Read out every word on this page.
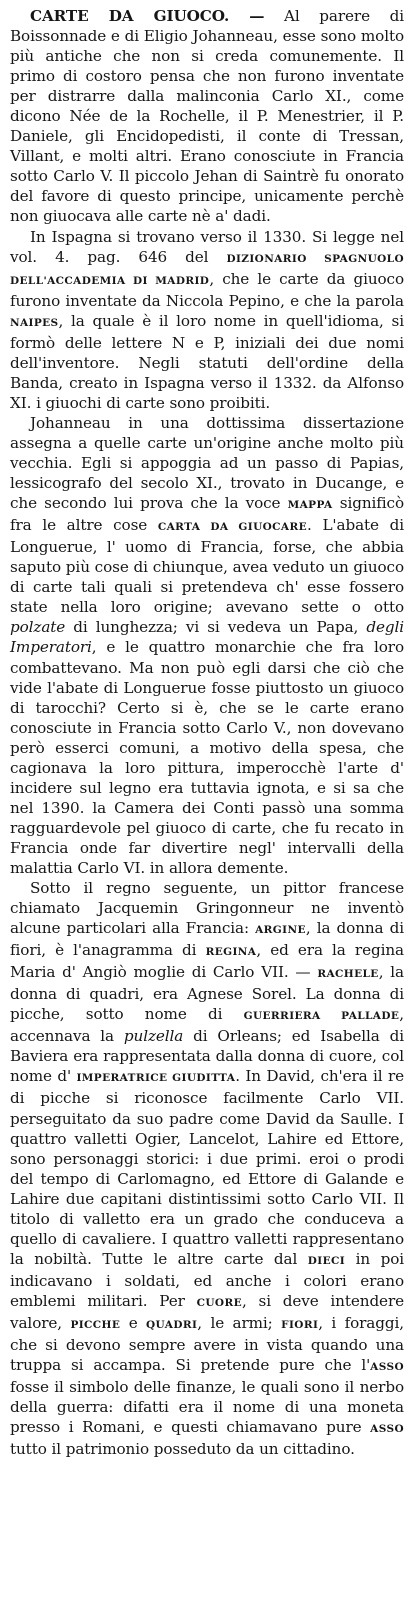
CARTE DA GIUOCO. — Al parere di Boissonnade e di Eligio Johanneau, esse sono molto più antiche che non si creda comunemente. Il primo di costoro pensa che non furono inventate per distrarre dalla malinconia Carlo XI., come dicono Née de la Rochelle, il P. Menestrier, il P. Daniele, gli Encidopedisti, il conte di Tressan, Villant, e molti altri. Erano conosciute in Francia sotto Carlo V. Il piccolo Jehan di Saintrè fu onorato del favore di questo principe, unicamente perchè non giuocava alle carte nè a' dadi.

In Ispagna si trovano verso il 1330. Si legge nel vol. 4. pag. 646 del DIZIONARIO SPAGNUOLO DELL'ACCADEMIA DI MADRID, che le carte da giuoco furono inventate da Niccola Pepino, e che la parola NAIPES, la quale è il loro nome in quell'idioma, si formò delle lettere N e P, iniziali dei due nomi dell'inventore. Negli statuti dell'ordine della Banda, creato in Ispagna verso il 1332. da Alfonso XI. i giuochi di carte sono proibiti.

Johanneau in una dottissima dissertazione assegna a quelle carte un'origine anche molto più vecchia. Egli si appoggia ad un passo di Papias, lessicografo del secolo XI., trovato in Ducange, e che secondo lui prova che la voce MAPPA significò fra le altre cose CARTA DA GIUOCARE. L'abate di Longuerue, l' uomo di Francia, forse, che abbia saputo più cose di chiunque, avea veduto un giuoco di carte tali quali si pretendeva ch' esse fossero state nella loro origine; avevano sette o otto polzate di lunghezza; vi si vedeva un Papa, degli Imperatori, e le quattro monarchie che fra loro combattevano. Ma non può egli darsi che ciò che vide l'abate di Longuerue fosse piuttosto un giuoco di tarocchi? Certo si è, che se le carte erano conosciute in Francia sotto Carlo V., non dovevano però esserci comuni, a motivo della spesa, che cagionava la loro pittura, imperocchè l'arte d' incidere sul legno era tuttavia ignota, e si sa che nel 1390. la Camera dei Conti passò una somma ragguardevole pel giuoco di carte, che fu recato in Francia onde far divertire negl' intervalli della malattia Carlo VI. in allora demente.

Sotto il regno seguente, un pittor francese chiamato Jacquemin Gringonneur ne inventò alcune particolari alla Francia: ARGINE, la donna di fiori, è l'anagramma di REGINA, ed era la regina Maria d' Angiò moglie di Carlo VII. — RACHELE, la donna di quadri, era Agnese Sorel. La donna di picche, sotto nome di GUERRIERA PALLADE, accennava la pulzella di Orleans; ed Isabella di Baviera era rappresentata dalla donna di cuore, col nome d' IMPERATRICE GIUDITTA. In David, ch'era il re di picche si riconosce facilmente Carlo VII. perseguitato da suo padre come David da Saulle. I quattro valletti Ogier, Lancelot, Lahire ed Ettore, sono personaggi storici: i due primi. eroi o prodi del tempo di Carlomagno, ed Ettore di Galande e Lahire due capitani distintissimi sotto Carlo VII. Il titolo di valletto era un grado che conduceva a quello di cavaliere. I quattro valletti rappresentano la nobiltà. Tutte le altre carte dal DIECI in poi indicavano i soldati, ed anche i colori erano emblemi militari. Per CUORE, si deve intendere valore, PICCHE e QUADRI, le armi; FIORI, i foraggi, che si devono sempre avere in vista quando una truppa si accampa. Si pretende pure che l'ASSO fosse il simbolo delle finanze, le quali sono il nerbo della guerra: difatti era il nome di una moneta presso i Romani, e questi chiamavano pure ASSO tutto il patrimonio posseduto da un cittadino.
